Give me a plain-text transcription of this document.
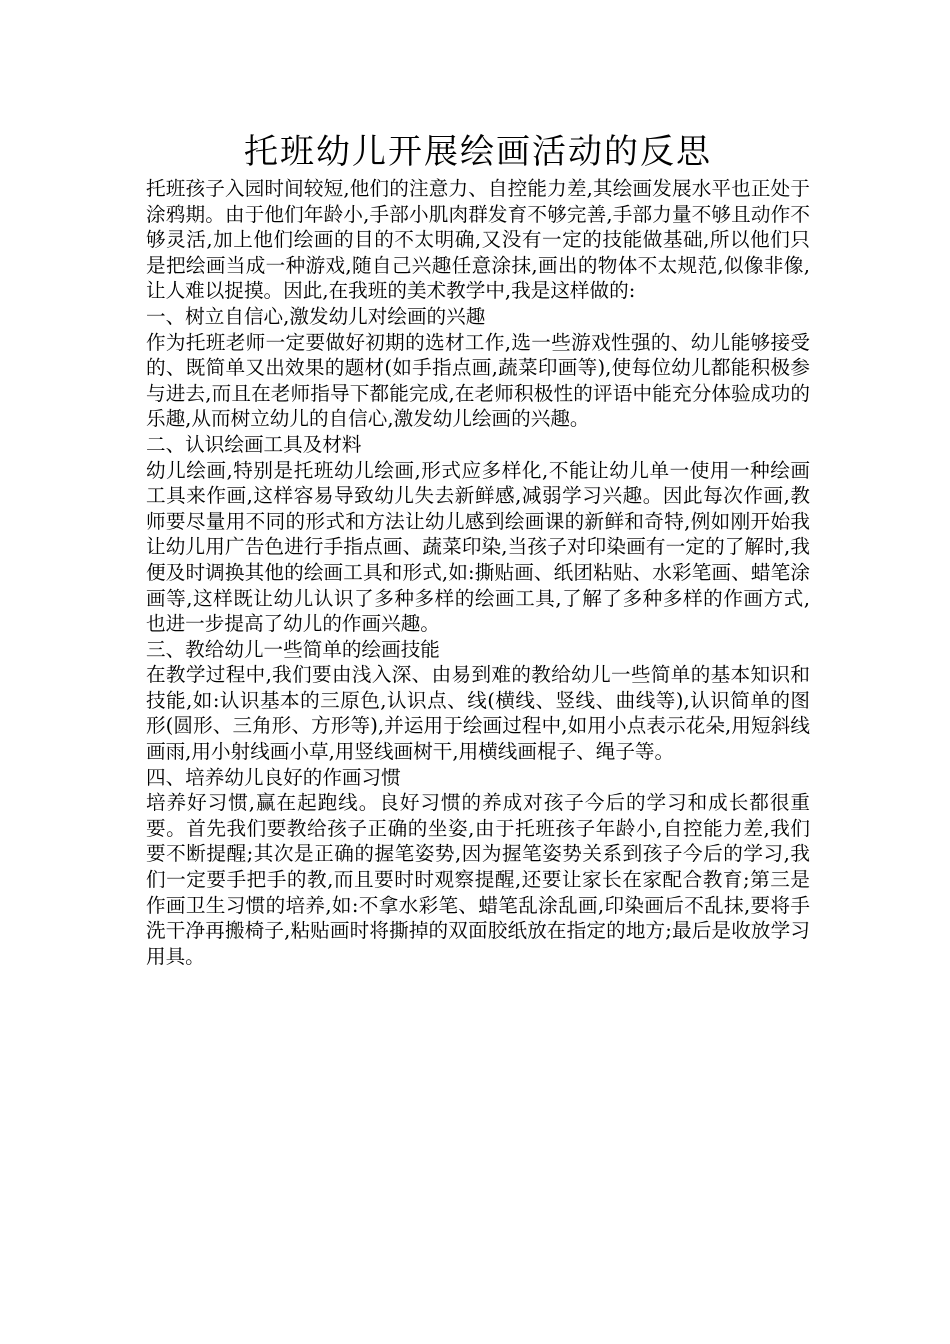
托班幼儿开展绘画活动的反思

托班孩子入园时间较短,他们的注意力、自控能力差,其绘画发展水平也正处于涂鸦期。由于他们年龄小,手部小肌肉群发育不够完善,手部力量不够且动作不够灵活,加上他们绘画的目的不太明确,又没有一定的技能做基础,所以他们只是把绘画当成一种游戏,随自己兴趣任意涂抹,画出的物体不太规范,似像非像,让人难以捉摸。因此,在我班的美术教学中,我是这样做的:

一、树立自信心,激发幼儿对绘画的兴趣

作为托班老师一定要做好初期的选材工作,选一些游戏性强的、幼儿能够接受的、既简单又出效果的题材(如手指点画,蔬菜印画等),使每位幼儿都能积极参与进去,而且在老师指导下都能完成,在老师积极性的评语中能充分体验成功的乐趣,从而树立幼儿的自信心,激发幼儿绘画的兴趣。

二、认识绘画工具及材料

幼儿绘画,特别是托班幼儿绘画,形式应多样化,不能让幼儿单一使用一种绘画工具来作画,这样容易导致幼儿失去新鲜感,减弱学习兴趣。因此每次作画,教师要尽量用不同的形式和方法让幼儿感到绘画课的新鲜和奇特,例如刚开始我让幼儿用广告色进行手指点画、蔬菜印染,当孩子对印染画有一定的了解时,我便及时调换其他的绘画工具和形式,如:撕贴画、纸团粘贴、水彩笔画、蜡笔涂画等,这样既让幼儿认识了多种多样的绘画工具,了解了多种多样的作画方式,也进一步提高了幼儿的作画兴趣。

三、教给幼儿一些简单的绘画技能

在教学过程中,我们要由浅入深、由易到难的教给幼儿一些简单的基本知识和技能,如:认识基本的三原色,认识点、线(横线、竖线、曲线等),认识简单的图形(圆形、三角形、方形等),并运用于绘画过程中,如用小点表示花朵,用短斜线画雨,用小射线画小草,用竖线画树干,用横线画棍子、绳子等。

四、培养幼儿良好的作画习惯

培养好习惯,赢在起跑线。良好习惯的养成对孩子今后的学习和成长都很重要。首先我们要教给孩子正确的坐姿,由于托班孩子年龄小,自控能力差,我们要不断提醒;其次是正确的握笔姿势,因为握笔姿势关系到孩子今后的学习,我们一定要手把手的教,而且要时时观察提醒,还要让家长在家配合教育;第三是作画卫生习惯的培养,如:不拿水彩笔、蜡笔乱涂乱画,印染画后不乱抹,要将手洗干净再搬椅子,粘贴画时将撕掉的双面胶纸放在指定的地方;最后是收放学习用具。
